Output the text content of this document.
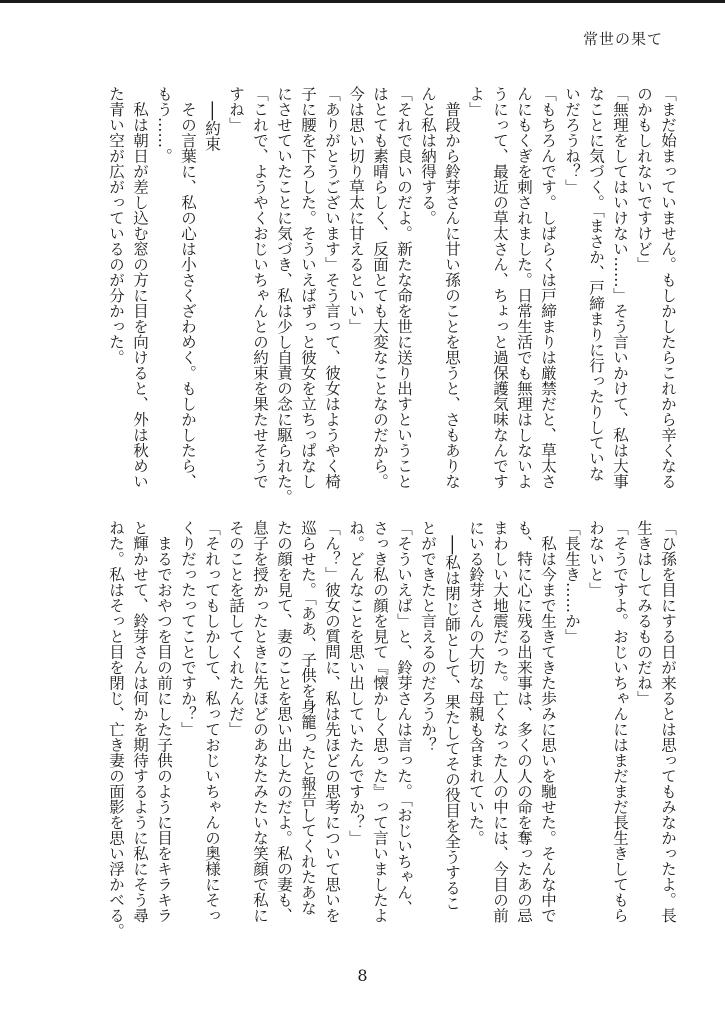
常世の果て
「まだ始まっていません。もしかしたらこれから辛くなる
のかもしれないですけど」
「無理をしてはいけない……」そう言いかけて、私は大事
なことに気づく。「まさか、戸締まりに行ったりしていな
いだろうね？」
「もちろんです。しばらくは戸締まりは厳禁だと、草太さ
んにもくぎを刺されました。日常生活でも無理はしないよ
うにって、最近の草太さん、ちょっと過保護気味なんです
よ」
　普段から鈴芽さんに甘い孫のことを思うと、さもありな
んと私は納得する。
「それで良いのだよ。新たな命を世に送り出すということ
はとても素晴らしく、反面とても大変なことなのだから。
今は思い切り草太に甘えるといい」
「ありがとうございます」そう言って、彼女はようやく椅
子に腰を下ろした。そういえばずっと彼女を立ちっぱなし
にさせていたことに気づき、私は少し自責の念に駆られた。
「これで、ようやくおじいちゃんとの約束を果たせそうで
すね」
　──約束
　その言葉に、私の心は小さくざわめく。もしかしたら、
もう……。
　私は朝日が差し込む窓の方に目を向けると、外は秋めい
た青い空が広がっているのが分かった。
「ひ孫を目にする日が来るとは思ってもみなかったよ。長
生きはしてみるものだね」
「そうですよ。おじいちゃんにはまだまだ長生きしてもら
わないと」
「長生き……か」
　私は今まで生きてきた歩みに思いを馳せた。そんな中で
も、特に心に残る出来事は、多くの人の命を奪ったあの忌
まわしい大地震だった。亡くなった人の中には、今目の前
にいる鈴芽さんの大切な母親も含まれていた。
　──私は閉じ師として、果たしてその役目を全うするこ
とができたと言えるのだろうか？
「そういえば」と、鈴芽さんは言った。「おじいちゃん、
さっき私の顔を見て『懐かしく思った』って言いましたよ
ね。どんなことを思い出していたんですか？」
「ん？」彼女の質問に、私は先ほどの思考について思いを
巡らせた。「ああ、子供を身籠ったと報告してくれたあな
たの顔を見て、妻のことを思い出したのだよ。私の妻も、
息子を授かったときに先ほどのあなたみたいな笑顔で私に
そのことを話してくれたんだ」
「それってもしかして、私っておじいちゃんの奥様にそっ
くりだったってことですか？」
　まるでおやつを目の前にした子供のように目をキラキラ
と輝かせて、鈴芽さんは何かを期待するように私にそう尋
ねた。私はそっと目を閉じ、亡き妻の面影を思い浮かべる。
8
